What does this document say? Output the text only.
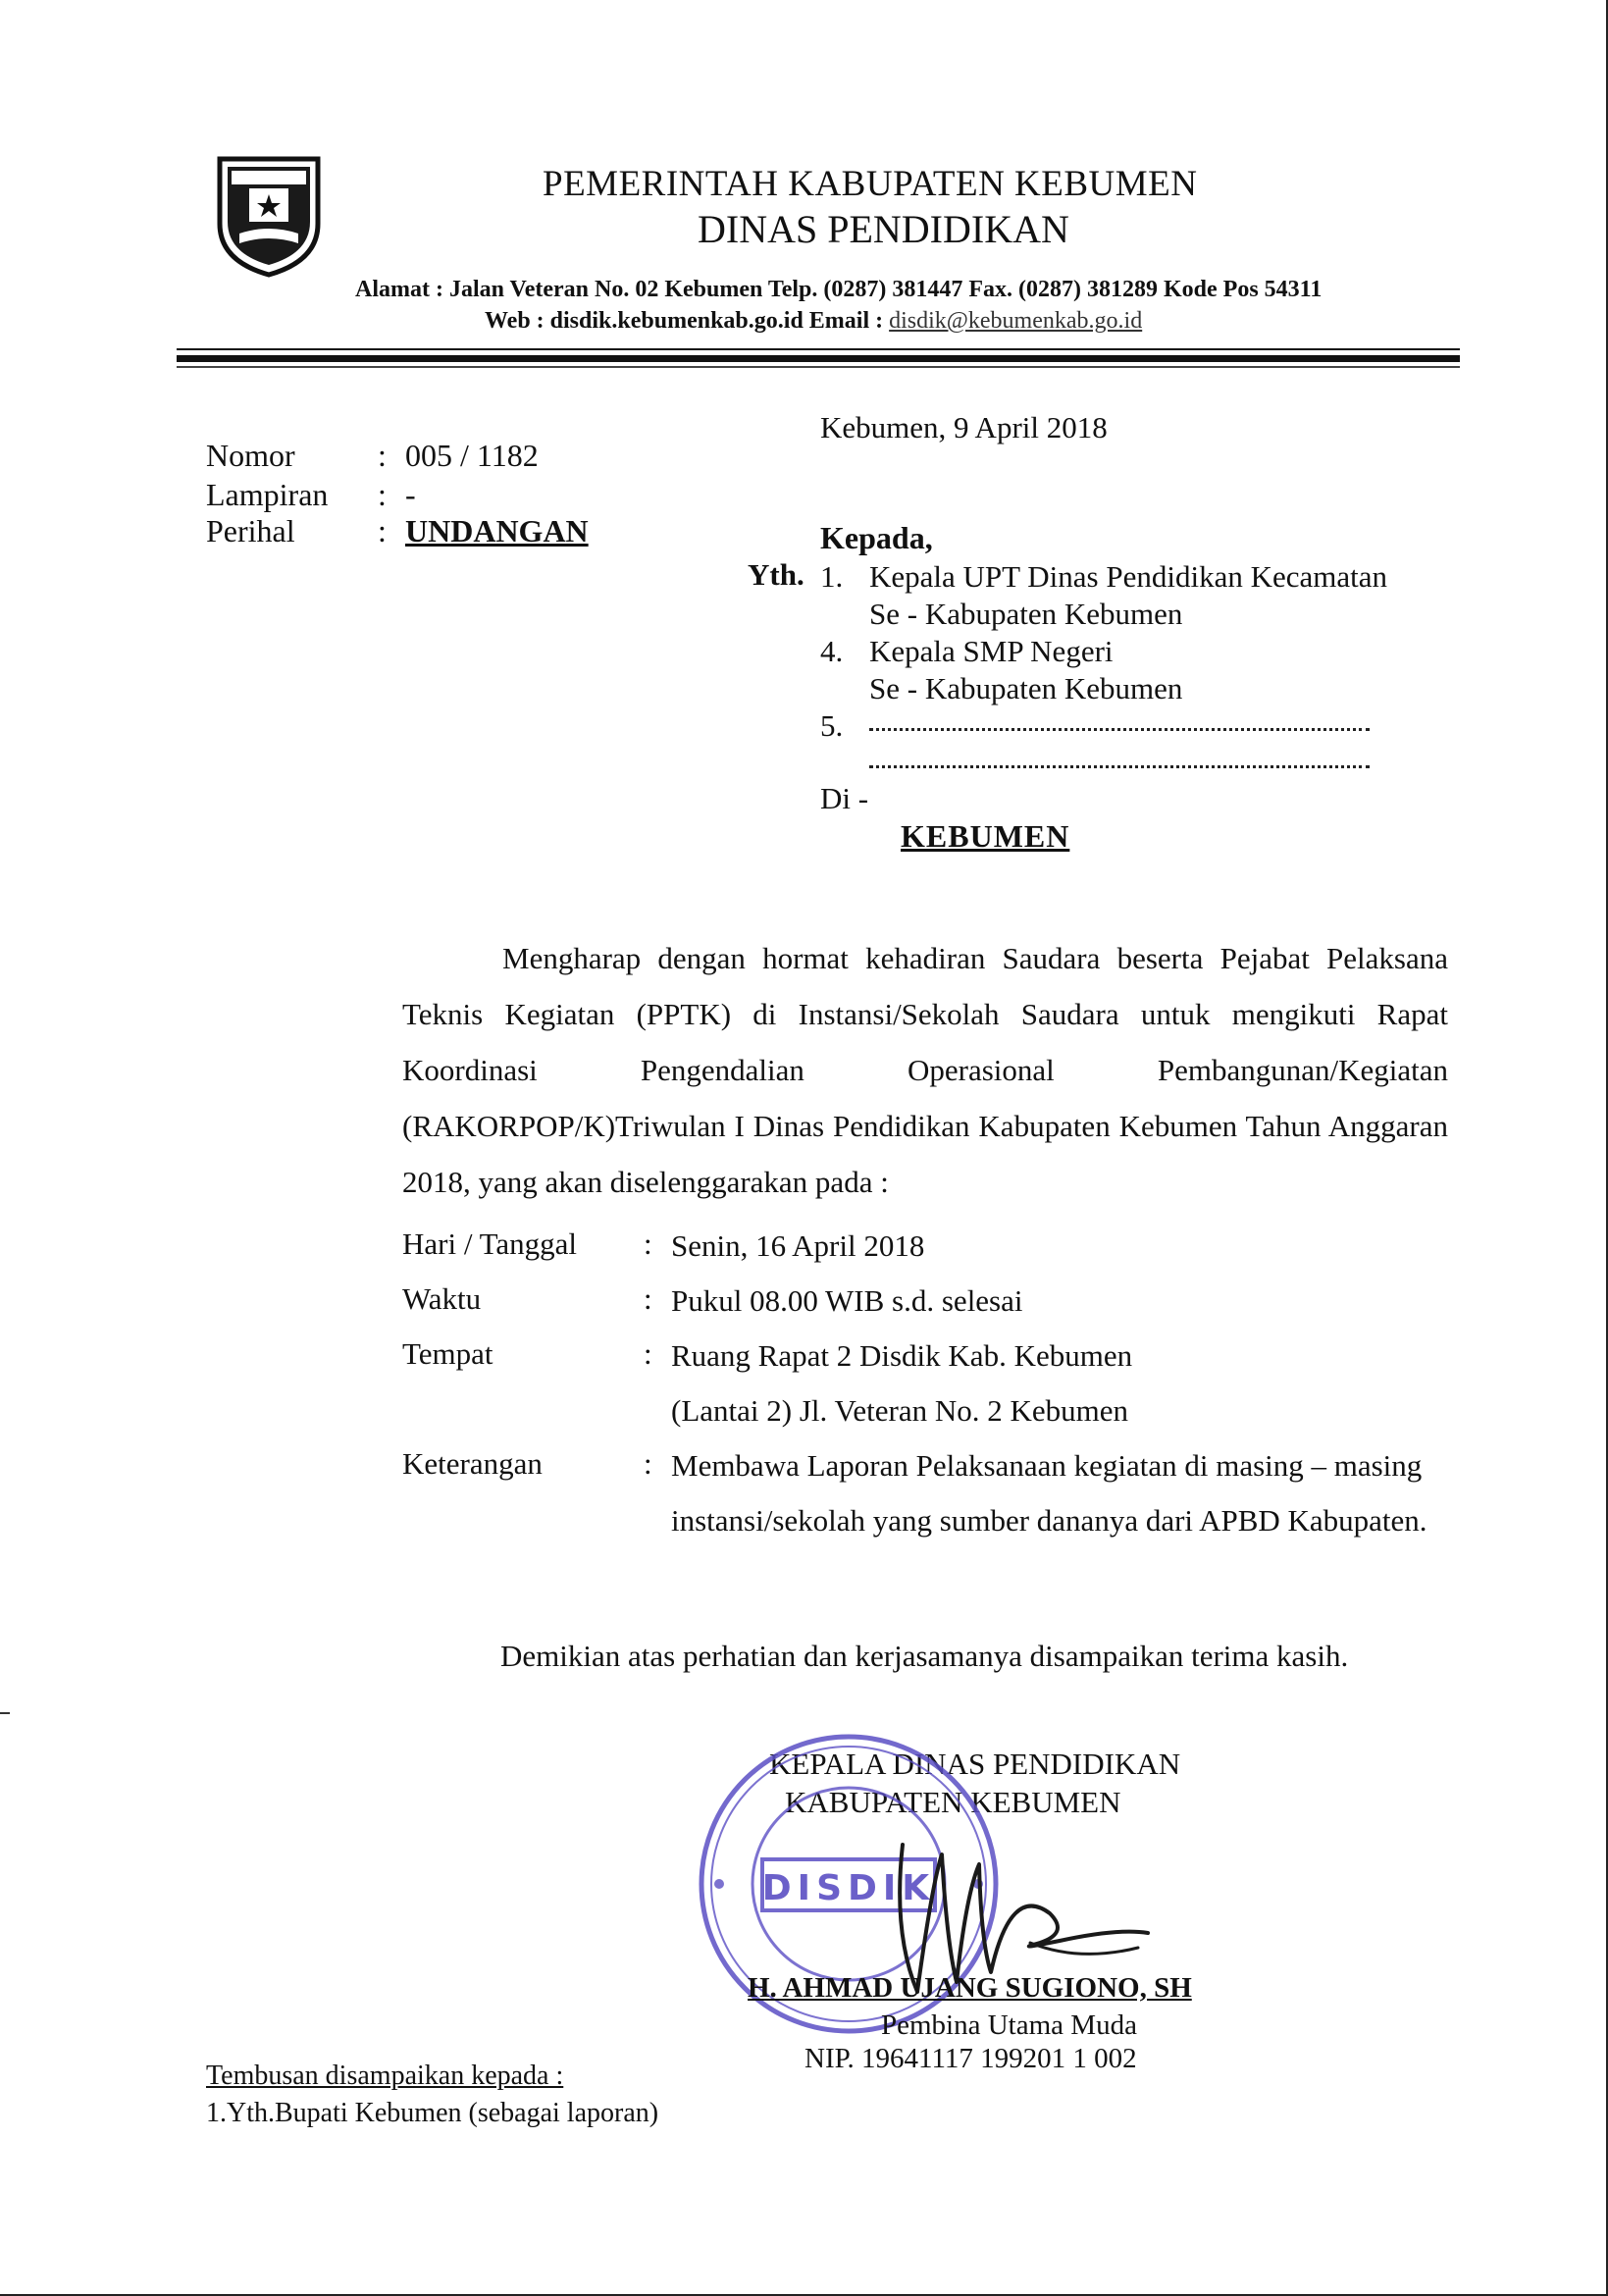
PEMERINTAH KABUPATEN KEBUMEN
DINAS PENDIDIKAN
Alamat : Jalan Veteran No. 02 Kebumen Telp. (0287) 381447 Fax. (0287) 381289 Kode Pos 54311
Web : disdik.kebumenkab.go.id Email : disdik@kebumenkab.go.id
Kebumen, 9 April 2018
Nomor	: 005 / 1182
Lampiran : -
Perihal	: UNDANGAN	Kepada,
Yth. 1. Kepala UPT Dinas Pendidikan Kecamatan
Se - Kabupaten Kebumen
4. Kepala SMP Negeri
Se - Kabupaten Kebumen
5.
Di -
KEBUMEN

Mengharap dengan hormat kehadiran Saudara beserta Pejabat Pelaksana Teknis Kegiatan (PPTK) di Instansi/Sekolah Saudara untuk mengikuti Rapat Koordinasi Pengendalian Operasional Pembangunan/Kegiatan (RAKORPOP/K)Triwulan I Dinas Pendidikan Kabupaten Kebumen Tahun Anggaran 2018, yang akan diselenggarakan pada :

Hari / Tanggal : Senin, 16 April 2018
Waktu	: Pukul 08.00 WIB s.d. selesai
Tempat	: Ruang Rapat 2 Disdik Kab. Kebumen (Lantai 2) Jl. Veteran No. 2 Kebumen
Keterangan	: Membawa Laporan Pelaksanaan kegiatan di masing – masing instansi/sekolah yang sumber dananya dari APBD Kabupaten.
Demikian atas perhatian dan kerjasamanya disampaikan terima kasih.
KEPALA DINAS PENDIDIKAN
KABUPATEN KEBUMEN
DISDIK
H. AHMAD UJANG SUGIONO, SH
Pembina Utama Muda
NIP. 19641117 199201 1 002
Tembusan disampaikan kepada :
1.Yth.Bupati Kebumen (sebagai laporan)
